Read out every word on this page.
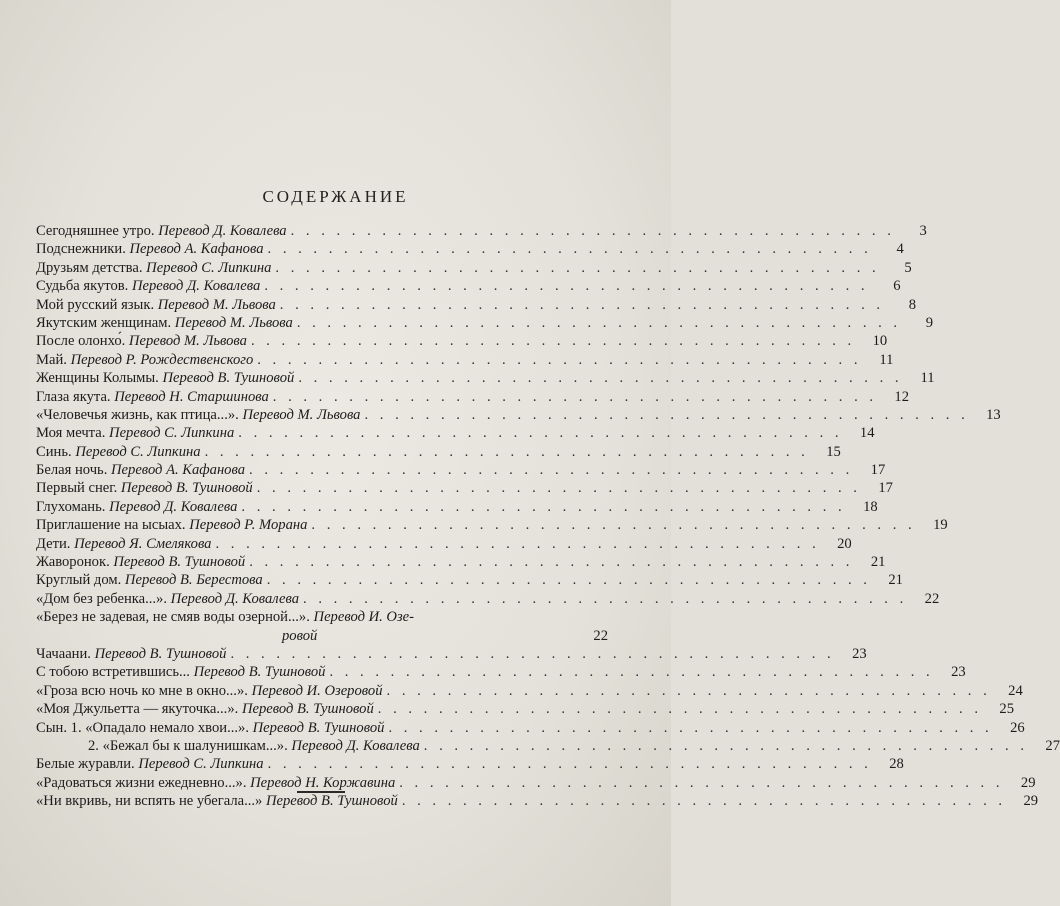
СОДЕРЖАНИЕ
Сегодняшнее утро. Перевод Д. Ковалева . . . . . . . . . . . . . . . . . . . . . . . . . . . . . . . . . . . . . . . .	3
Подснежники. Перевод А. Кафанова . . . . . . . . . . . . . . . . . . . . . . . . . . . . . . . . . . . . . . . .	4
Друзьям детства. Перевод С. Липкина . . . . . . . . . . . . . . . . . . . . . . . . . . . . . . . . . . . . . . . .	5
Судьба якутов. Перевод Д. Ковалева . . . . . . . . . . . . . . . . . . . . . . . . . . . . . . . . . . . . . . . .	6
Мой русский язык. Перевод М. Львова . . . . . . . . . . . . . . . . . . . . . . . . . . . . . . . . . . . . . . . .	8
Якутским женщинам. Перевод М. Львова . . . . . . . . . . . . . . . . . . . . . . . . . . . . . . . . . . . . . . . .	9
После олонхо́. Перевод М. Львова . . . . . . . . . . . . . . . . . . . . . . . . . . . . . . . . . . . . . . . .	10
Май. Перевод Р. Рождественского . . . . . . . . . . . . . . . . . . . . . . . . . . . . . . . . . . . . . . . .	11
Женщины Колымы. Перевод В. Тушновой . . . . . . . . . . . . . . . . . . . . . . . . . . . . . . . . . . . . . . . .	11
Глаза якута. Перевод Н. Старшинова . . . . . . . . . . . . . . . . . . . . . . . . . . . . . . . . . . . . . . . .	12
«Человечья жизнь, как птица...». Перевод М. Львова . . . . . . . . . . . . . . . . . . . . . . . . . . . . . . . . . . . . . . . .	13
Моя мечта. Перевод С. Липкина . . . . . . . . . . . . . . . . . . . . . . . . . . . . . . . . . . . . . . . .	14
Синь. Перевод С. Липкина . . . . . . . . . . . . . . . . . . . . . . . . . . . . . . . . . . . . . . . .	15
Белая ночь. Перевод А. Кафанова . . . . . . . . . . . . . . . . . . . . . . . . . . . . . . . . . . . . . . . .	17
Первый снег. Перевод В. Тушновой . . . . . . . . . . . . . . . . . . . . . . . . . . . . . . . . . . . . . . . .	17
Глухомань. Перевод Д. Ковалева . . . . . . . . . . . . . . . . . . . . . . . . . . . . . . . . . . . . . . . .	18
Приглашение на ысыах. Перевод Р. Морана . . . . . . . . . . . . . . . . . . . . . . . . . . . . . . . . . . . . . . . .	19
Дети. Перевод Я. Смелякова . . . . . . . . . . . . . . . . . . . . . . . . . . . . . . . . . . . . . . . .	20
Жаворонок. Перевод В. Тушновой . . . . . . . . . . . . . . . . . . . . . . . . . . . . . . . . . . . . . . . .	21
Круглый дом. Перевод В. Берестова . . . . . . . . . . . . . . . . . . . . . . . . . . . . . . . . . . . . . . . .	21
«Дом без ребенка...». Перевод Д. Ковалева . . . . . . . . . . . . . . . . . . . . . . . . . . . . . . . . . . . . . . . .	22
«Берез не задевая, не смяв воды озерной...». Перевод И. Озе-
ровой	22
Чачаани. Перевод В. Тушновой . . . . . . . . . . . . . . . . . . . . . . . . . . . . . . . . . . . . . . . .	23
С тобою встретившись... Перевод В. Тушновой . . . . . . . . . . . . . . . . . . . . . . . . . . . . . . . . . . . . . . . .	23
«Гроза всю ночь ко мне в окно...». Перевод И. Озеровой . . . . . . . . . . . . . . . . . . . . . . . . . . . . . . . . . . . . . . . .	24
«Моя Джульетта — якуточка...». Перевод В. Тушновой . . . . . . . . . . . . . . . . . . . . . . . . . . . . . . . . . . . . . . . .	25
Сын. 1. «Опадало немало хвои...». Перевод В. Тушновой . . . . . . . . . . . . . . . . . . . . . . . . . . . . . . . . . . . . . . . .	26
2. «Бежал бы к шалунишкам...». Перевод Д. Ковалева . . . . . . . . . . . . . . . . . . . . . . . . . . . . . . . . . . . . . . . .	27
Белые журавли. Перевод С. Липкина . . . . . . . . . . . . . . . . . . . . . . . . . . . . . . . . . . . . . . . .	28
«Радоваться жизни ежедневно...». Перевод Н. Коржавина . . . . . . . . . . . . . . . . . . . . . . . . . . . . . . . . . . . . . . . .	29
«Ни вкривь, ни вспять не убегала...» Перевод В. Тушновой . . . . . . . . . . . . . . . . . . . . . . . . . . . . . . . . . . . . . . . .	29
